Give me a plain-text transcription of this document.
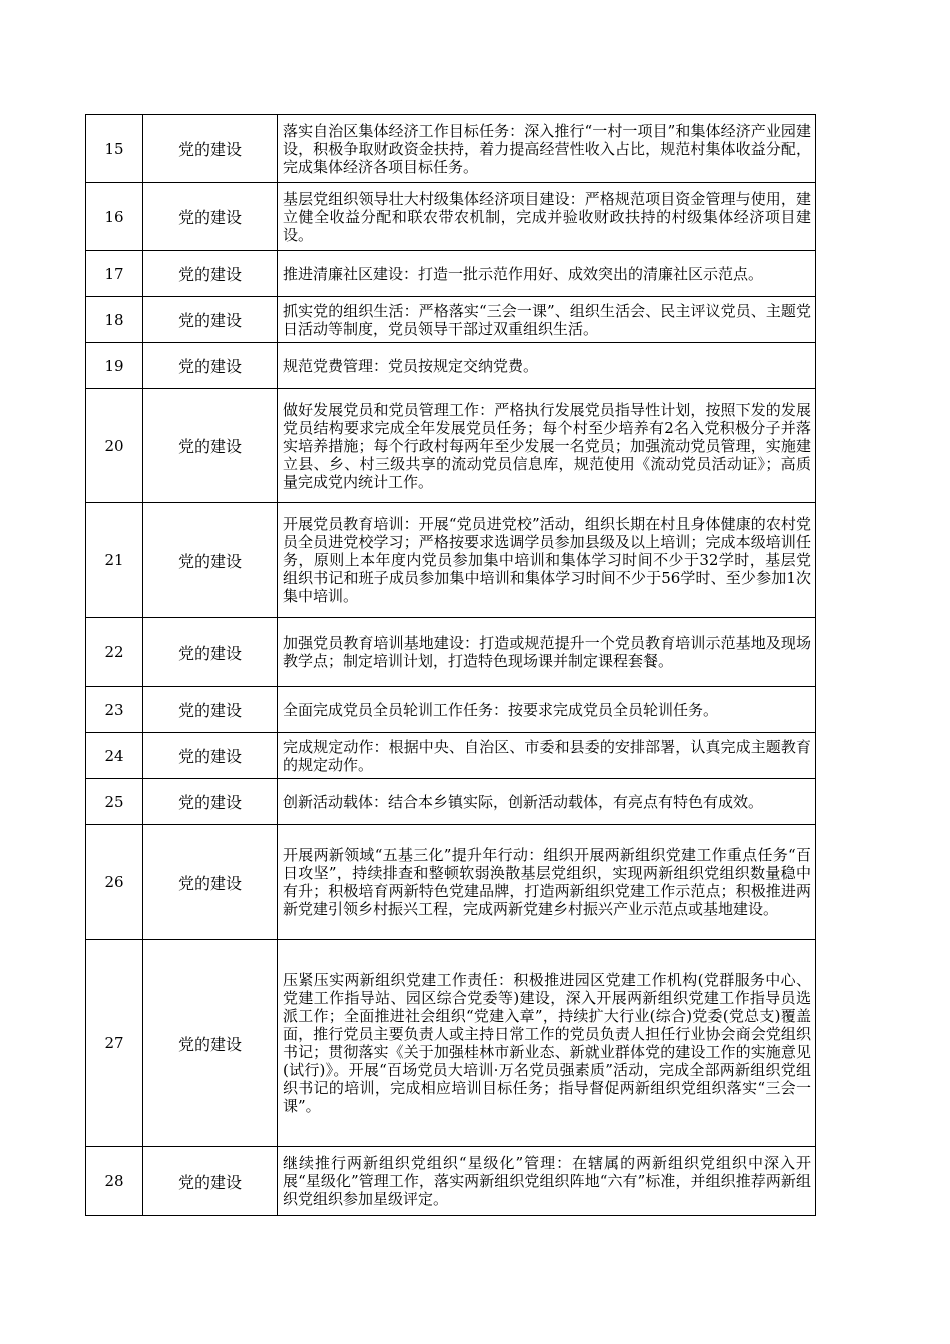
15	党的建设	落实自治区集体经济工作目标任务：深入推行“一村一项目”和集体经济产业园建设，积极争取财政资金扶持，着力提高经营性收入占比，规范村集体收益分配，完成集体经济各项目标任务。
16	党的建设	基层党组织领导壮大村级集体经济项目建设：严格规范项目资金管理与使用，建立健全收益分配和联农带农机制，完成并验收财政扶持的村级集体经济项目建设。
17	党的建设	推进清廉社区建设：打造一批示范作用好、成效突出的清廉社区示范点。
18	党的建设	抓实党的组织生活：严格落实“三会一课”、组织生活会、民主评议党员、主题党日活动等制度，党员领导干部过双重组织生活。
19	党的建设	规范党费管理：党员按规定交纳党费。
20	党的建设	做好发展党员和党员管理工作：严格执行发展党员指导性计划，按照下发的发展党员结构要求完成全年发展党员任务；每个村至少培养有2名入党积极分子并落实培养措施；每个行政村每两年至少发展一名党员；加强流动党员管理，实施建立县、乡、村三级共享的流动党员信息库，规范使用《流动党员活动证》；高质量完成党内统计工作。
21	党的建设	开展党员教育培训：开展“党员进党校”活动，组织长期在村且身体健康的农村党员全员进党校学习；严格按要求选调学员参加县级及以上培训；完成本级培训任务，原则上本年度内党员参加集中培训和集体学习时间不少于32学时，基层党组织书记和班子成员参加集中培训和集体学习时间不少于56学时、至少参加1次集中培训。
22	党的建设	加强党员教育培训基地建设：打造或规范提升一个党员教育培训示范基地及现场教学点；制定培训计划，打造特色现场课并制定课程套餐。
23	党的建设	全面完成党员全员轮训工作任务：按要求完成党员全员轮训任务。
24	党的建设	完成规定动作：根据中央、自治区、市委和县委的安排部署，认真完成主题教育的规定动作。
25	党的建设	创新活动载体：结合本乡镇实际，创新活动载体，有亮点有特色有成效。
26	党的建设	开展两新领域“五基三化”提升年行动：组织开展两新组织党建工作重点任务“百日攻坚”，持续排查和整顿软弱涣散基层党组织，实现两新组织党组织数量稳中有升；积极培育两新特色党建品牌，打造两新组织党建工作示范点；积极推进两新党建引领乡村振兴工程，完成两新党建乡村振兴产业示范点或基地建设。
27	党的建设	压紧压实两新组织党建工作责任：积极推进园区党建工作机构(党群服务中心、党建工作指导站、园区综合党委等)建设，深入开展两新组织党建工作指导员选派工作；全面推进社会组织“党建入章”，持续扩大行业(综合)党委(党总支)覆盖面，推行党员主要负责人或主持日常工作的党员负责人担任行业协会商会党组织书记；贯彻落实《关于加强桂林市新业态、新就业群体党的建设工作的实施意见(试行)》。开展“百场党员大培训·万名党员强素质”活动，完成全部两新组织党组织书记的培训，完成相应培训目标任务；指导督促两新组织党组织落实“三会一课”。
28	党的建设	继续推行两新组织党组织“星级化”管理：在辖属的两新组织党组织中深入开展“星级化”管理工作，落实两新组织党组织阵地“六有”标准，并组织推荐两新组织党组织参加星级评定。
